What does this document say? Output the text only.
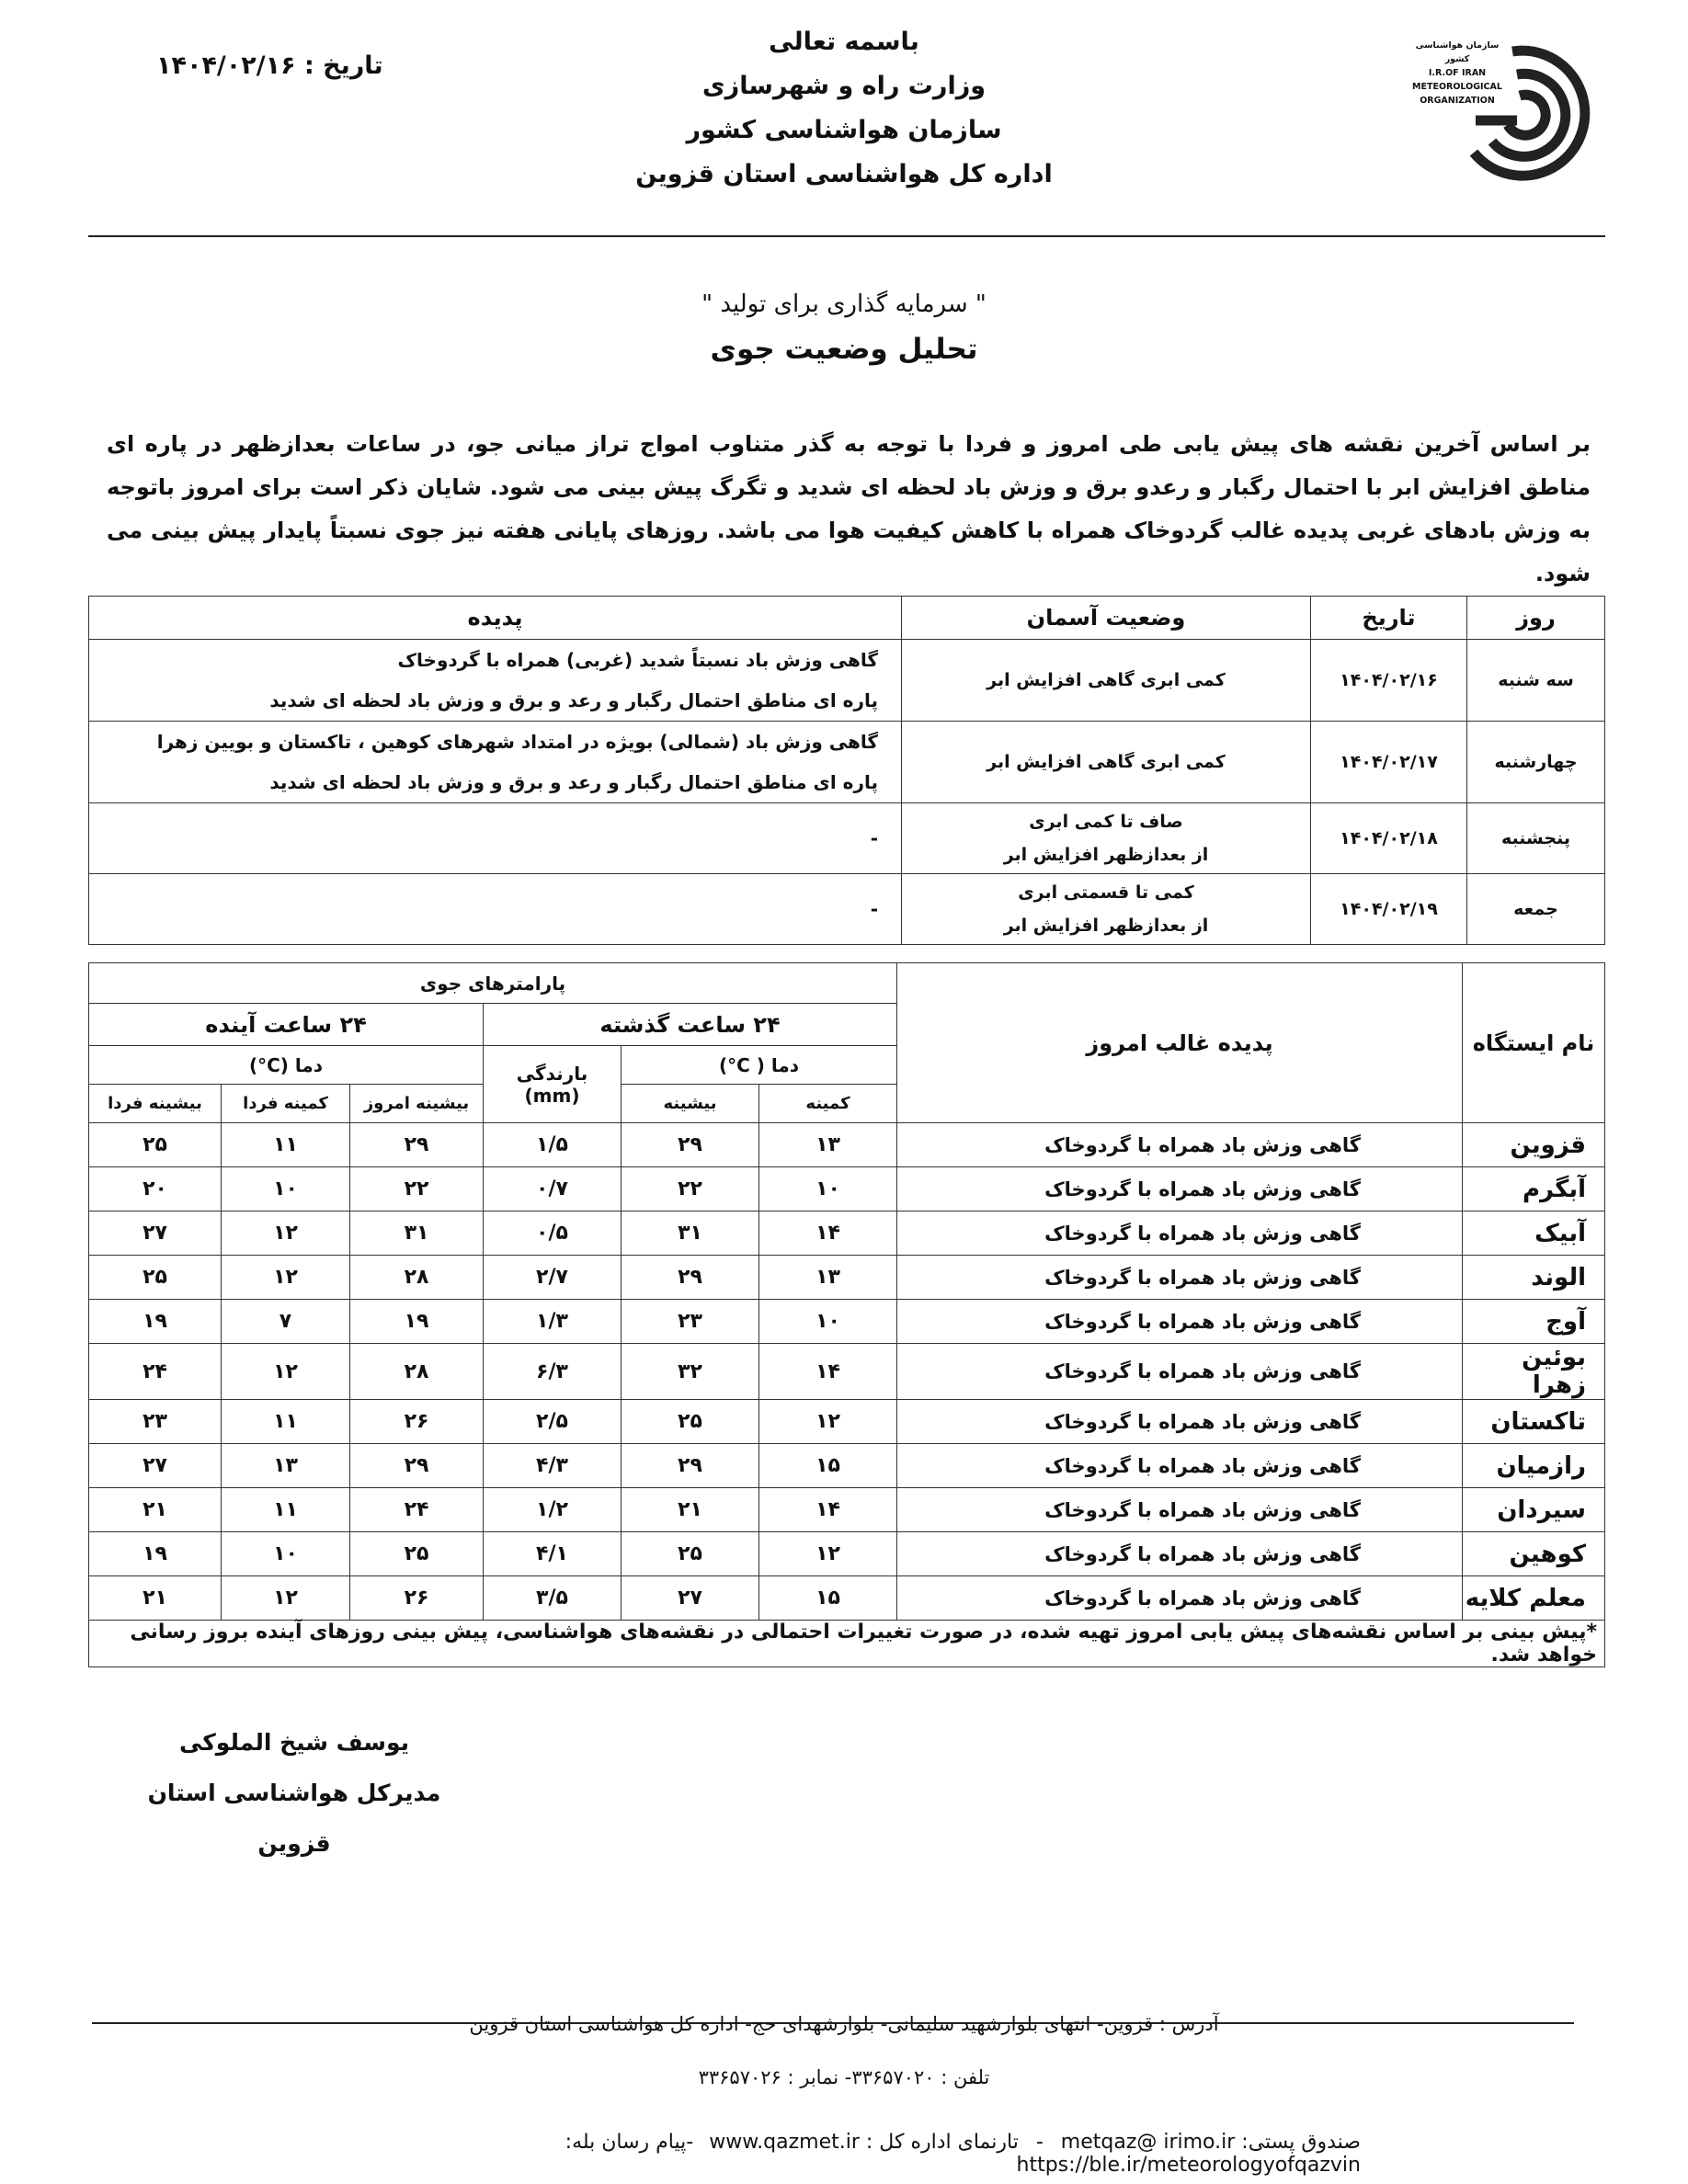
باسمه تعالی
وزارت راه و شهرسازی
سازمان هواشناسی کشور
اداره کل هواشناسی استان قزوین
تاریخ : ۱۴۰۴/۰۲/۱۶
سازمان هواشناسی کشور
I.R.OF IRAN
METEOROLOGICAL
ORGANIZATION
" سرمایه گذاری برای تولید "
تحلیل وضعیت جوی
بر اساس آخرین نقشه های پیش یابی طی امروز و فردا با توجه به گذر متناوب امواج تراز میانی جو، در ساعات بعدازظهر در پاره ای مناطق افزایش ابر با احتمال رگبار و رعدو برق و وزش باد لحظه ای شدید و تگرگ پیش بینی می شود. شایان ذکر است برای امروز باتوجه به وزش بادهای غربی پدیده غالب گردوخاک همراه با کاهش کیفیت هوا می باشد. روزهای پایانی هفته نیز جوی نسبتاً پایدار پیش بینی می شود.
روز	تاریخ	وضعیت آسمان	پدیده
سه شنبه	۱۴۰۴/۰۲/۱۶	کمی ابری گاهی افزایش ابر	گاهی وزش باد نسبتاً شدید (غربی) همراه با گردوخاک
پاره ای مناطق احتمال رگبار و رعد و برق و وزش باد لحظه ای شدید

چهارشنبه	۱۴۰۴/۰۲/۱۷	کمی ابری گاهی افزایش ابر	گاهی وزش باد (شمالی) بویژه در امتداد شهرهای کوهین ، تاکستان و بویین زهرا
پاره ای مناطق احتمال رگبار و رعد و برق و وزش باد لحظه ای شدید

پنجشنبه	۱۴۰۴/۰۲/۱۸	صاف تا کمی ابری
از بعدازظهر افزایش ابر	-
جمعه	۱۴۰۴/۰۲/۱۹	کمی تا قسمتی ابری
از بعدازظهر افزایش ابر	-
نام ایستگاه	پدیده غالب امروز	پارامترهای جوی					
		۲۴ ساعت گذشته			۲۴ ساعت آینده		
		دما ( C°)		بارندگی
(mm)	دما (C°)		
		کمینه	بیشینه		بیشینه امروز	کمینه فردا	بیشینه فردا
قزوین	گاهی وزش باد همراه با گردوخاک	۱۳	۲۹	۱/۵	۲۹	۱۱	۲۵
آبگرم	گاهی وزش باد همراه با گردوخاک	۱۰	۲۲	۰/۷	۲۲	۱۰	۲۰
آبیک	گاهی وزش باد همراه با گردوخاک	۱۴	۳۱	۰/۵	۳۱	۱۲	۲۷
الوند	گاهی وزش باد همراه با گردوخاک	۱۳	۲۹	۲/۷	۲۸	۱۲	۲۵
آوج	گاهی وزش باد همراه با گردوخاک	۱۰	۲۳	۱/۳	۱۹	۷	۱۹
بوئین زهرا	گاهی وزش باد همراه با گردوخاک	۱۴	۳۲	۶/۳	۲۸	۱۲	۲۴
تاکستان	گاهی وزش باد همراه با گردوخاک	۱۲	۲۵	۲/۵	۲۶	۱۱	۲۳
رازمیان	گاهی وزش باد همراه با گردوخاک	۱۵	۲۹	۴/۳	۲۹	۱۳	۲۷
سیردان	گاهی وزش باد همراه با گردوخاک	۱۴	۲۱	۱/۲	۲۴	۱۱	۲۱
کوهین	گاهی وزش باد همراه با گردوخاک	۱۲	۲۵	۴/۱	۲۵	۱۰	۱۹
معلم کلایه	گاهی وزش باد همراه با گردوخاک	۱۵	۲۷	۳/۵	۲۶	۱۲	۲۱
*پیش بینی بر اساس نقشه‌های پیش یابی امروز تهیه شده، در صورت تغییرات احتمالی در نقشه‌های هواشناسی، پیش بینی روزهای آینده بروز رسانی خواهد شد.							
یوسف شیخ الملوکی
مدیرکل هواشناسی استان قزوین
آدرس : قزوین- انتهای بلوارشهید سلیمانی- بلوارشهدای حج- اداره کل هواشناسی استان قزوین
تلفن : ۳۳۶۵۷۰۲۰- نمابر : ۳۳۶۵۷۰۲۶
صندوق پستی: metqaz@ irimo.ir - تارنمای اداره کل : www.qazmet.ir -پیام رسان بله: https://ble.ir/meteorologyofqazvin
